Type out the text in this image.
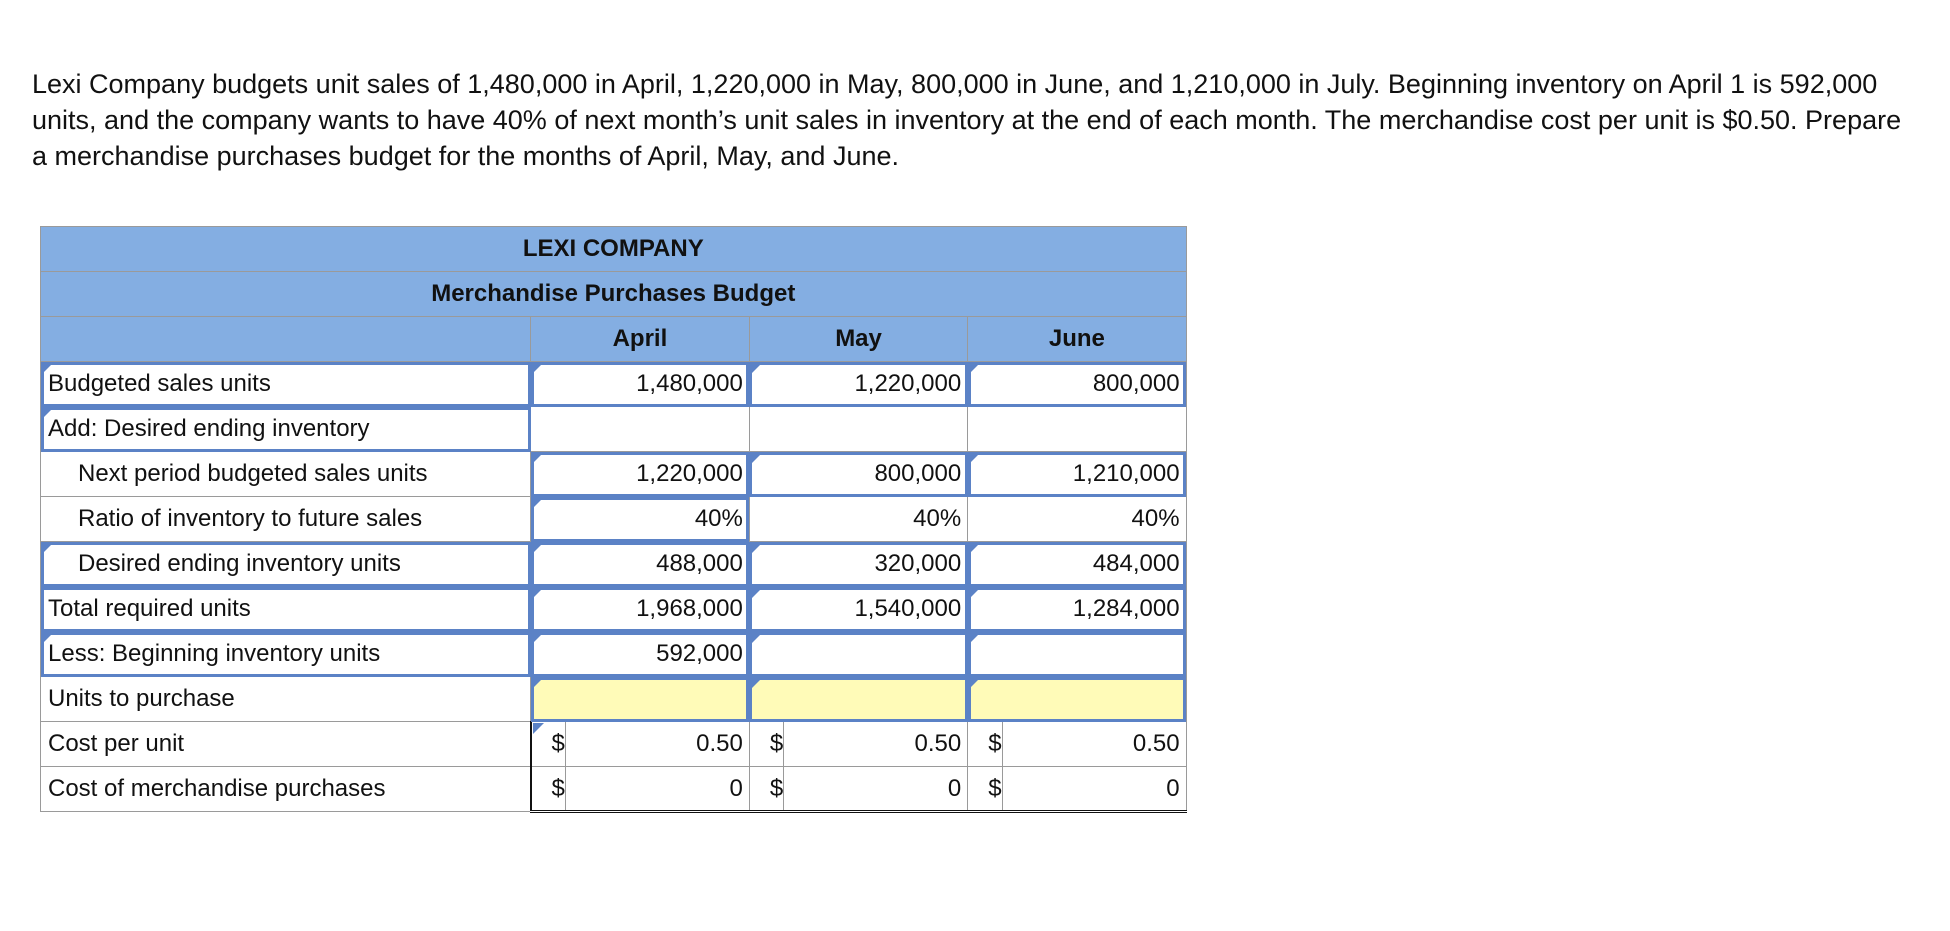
Lexi Company budgets unit sales of 1,480,000 in April, 1,220,000 in May, 800,000 in June, and 1,210,000 in July. Beginning inventory on April 1 is 592,000 units, and the company wants to have 40% of next month’s unit sales in inventory at the end of each month. The merchandise cost per unit is $0.50. Prepare a merchandise purchases budget for the months of April, May, and June.
LEXI COMPANY						
Merchandise Purchases Budget						
	April		May		June	
Budgeted sales units	1,480,000		1,220,000		800,000	
Add: Desired ending inventory						
Next period budgeted sales units	1,220,000		800,000		1,210,000	
Ratio of inventory to future sales	40%		40%		40%	
Desired ending inventory units	488,000		320,000		484,000	
Total required units	1,968,000		1,540,000		1,284,000	
Less: Beginning inventory units	592,000					
Units to purchase						
Cost per unit	$	0.50	$	0.50	$	0.50
Cost of merchandise purchases	$	0	$	0	$	0
